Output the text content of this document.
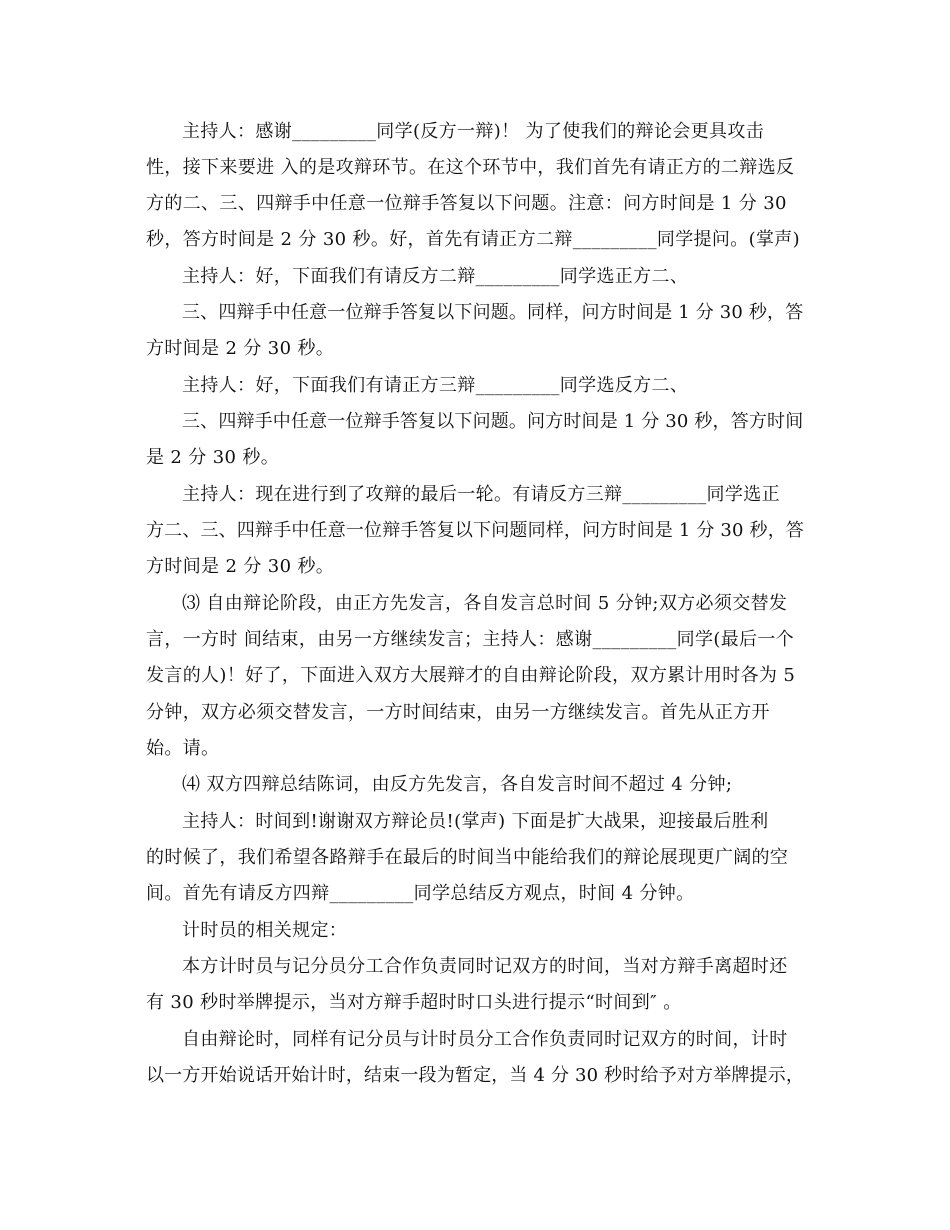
主持人：感谢_________同学(反方一辩)！ 为了使我们的辩论会更具攻击
性，接下来要进 入的是攻辩环节。在这个环节中，我们首先有请正方的二辩选反
方的二、三、四辩手中任意一位辩手答复以下问题。注意：问方时间是 1 分 30
秒，答方时间是 2 分 30 秒。好，首先有请正方二辩_________同学提问。(掌声)
主持人：好，下面我们有请反方二辩_________同学选正方二、
三、四辩手中任意一位辩手答复以下问题。同样，问方时间是 1 分 30 秒，答
方时间是 2 分 30 秒。
主持人：好，下面我们有请正方三辩_________同学选反方二、
三、四辩手中任意一位辩手答复以下问题。问方时间是 1 分 30 秒，答方时间
是 2 分 30 秒。
主持人：现在进行到了攻辩的最后一轮。有请反方三辩_________同学选正
方二、三、四辩手中任意一位辩手答复以下问题同样，问方时间是 1 分 30 秒，答
方时间是 2 分 30 秒。
⑶ 自由辩论阶段，由正方先发言，各自发言总时间 5 分钟;双方必须交替发
言，一方时 间结束，由另一方继续发言；主持人：感谢_________同学(最后一个
发言的人)！好了，下面进入双方大展辩才的自由辩论阶段，双方累计用时各为 5
分钟，双方必须交替发言，一方时间结束，由另一方继续发言。首先从正方开
始。请。
⑷ 双方四辩总结陈词，由反方先发言，各自发言时间不超过 4 分钟;
主持人：时间到!谢谢双方辩论员!(掌声) 下面是扩大战果，迎接最后胜利
的时候了，我们希望各路辩手在最后的时间当中能给我们的辩论展现更广阔的空
间。首先有请反方四辩_________同学总结反方观点，时间 4 分钟。
计时员的相关规定：
本方计时员与记分员分工合作负责同时记双方的时间，当对方辩手离超时还
有 30 秒时举牌提示，当对方辩手超时时口头进行提示“时间到″ 。
自由辩论时，同样有记分员与计时员分工合作负责同时记双方的时间，计时
以一方开始说话开始计时，结束一段为暂定，当 4 分 30 秒时给予对方举牌提示，
